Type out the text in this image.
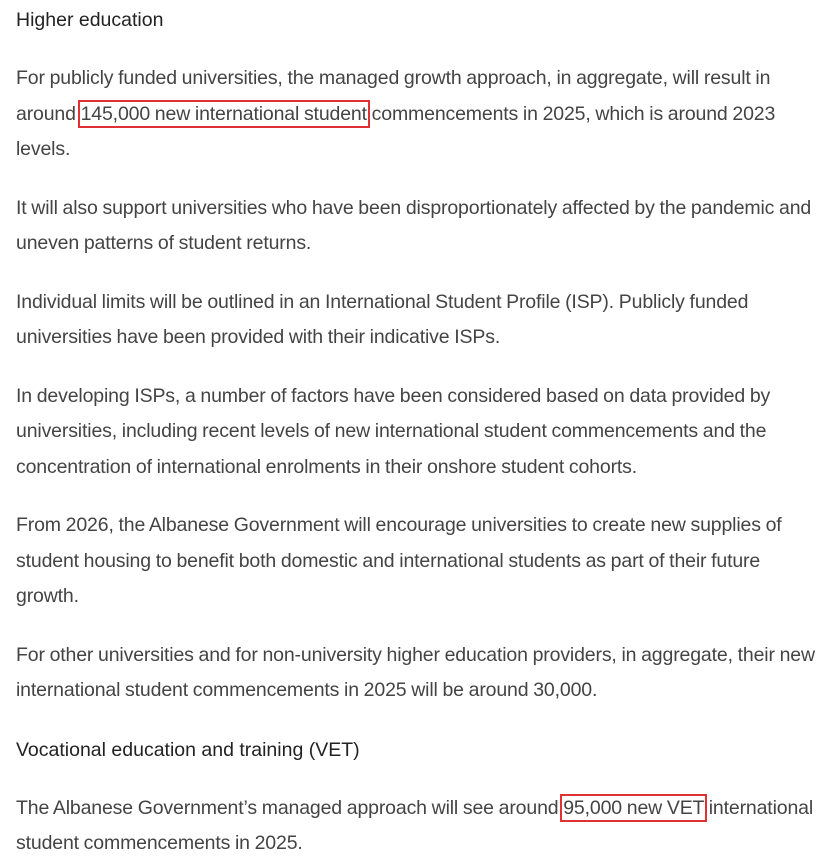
Higher education

For publicly funded universities, the managed growth approach, in aggregate, will result in around 145,000 new international student commencements in 2025, which is around 2023 levels.

It will also support universities who have been disproportionately affected by the pandemic and uneven patterns of student returns.

Individual limits will be outlined in an International Student Profile (ISP). Publicly funded universities have been provided with their indicative ISPs.

In developing ISPs, a number of factors have been considered based on data provided by universities, including recent levels of new international student commencements and the concentration of international enrolments in their onshore student cohorts.

From 2026, the Albanese Government will encourage universities to create new supplies of student housing to benefit both domestic and international students as part of their future growth.

For other universities and for non-university higher education providers, in aggregate, their new international student commencements in 2025 will be around 30,000.

Vocational education and training (VET)

The Albanese Government’s managed approach will see around 95,000 new VET international student commencements in 2025.
